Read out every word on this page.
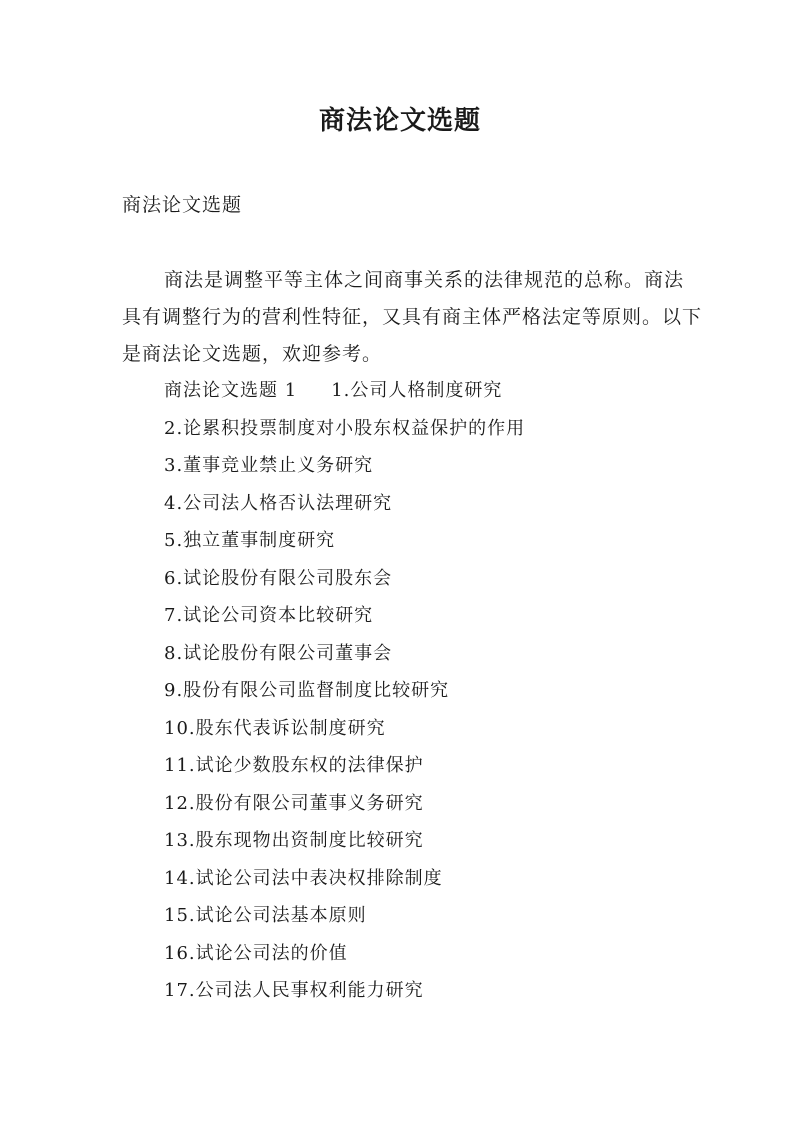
商法论文选题
商法论文选题

商法是调整平等主体之间商事关系的法律规范的总称。商法具有调整行为的营利性特征，又具有商主体严格法定等原则。以下是商法论文选题，欢迎参考。

商法论文选题 1 1.公司人格制度研究
2.论累积投票制度对小股东权益保护的作用
3.董事竞业禁止义务研究
4.公司法人格否认法理研究
5.独立董事制度研究
6.试论股份有限公司股东会
7.试论公司资本比较研究
8.试论股份有限公司董事会
9.股份有限公司监督制度比较研究
10.股东代表诉讼制度研究
11.试论少数股东权的法律保护
12.股份有限公司董事义务研究
13.股东现物出资制度比较研究
14.试论公司法中表决权排除制度
15.试论公司法基本原则
16.试论公司法的价值
17.公司法人民事权利能力研究
